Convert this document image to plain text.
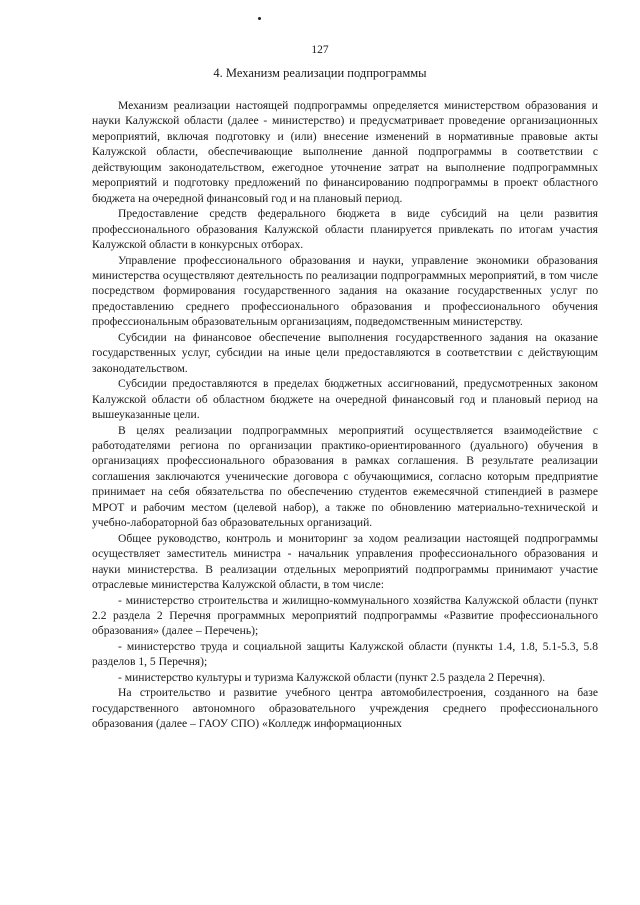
127
4. Механизм реализации подпрограммы

Механизм реализации настоящей подпрограммы определяется министерством образования и науки Калужской области (далее - министерство) и предусматривает проведение организационных мероприятий, включая подготовку и (или) внесение изменений в нормативные правовые акты Калужской области, обеспечивающие выполнение данной подпрограммы в соответствии с действующим законодательством, ежегодное уточнение затрат на выполнение подпрограммных мероприятий и подготовку предложений по финансированию подпрограммы в проект областного бюджета на очередной финансовый год и на плановый период.

Предоставление средств федерального бюджета в виде субсидий на цели развития профессионального образования Калужской области планируется привлекать по итогам участия Калужской области в конкурсных отборах.

Управление профессионального образования и науки, управление экономики образования министерства осуществляют деятельность по реализации подпрограммных мероприятий, в том числе посредством формирования государственного задания на оказание государственных услуг по предоставлению среднего профессионального образования и профессионального обучения профессиональным образовательным организациям, подведомственным министерству.

Субсидии на финансовое обеспечение выполнения государственного задания на оказание государственных услуг, субсидии на иные цели предоставляются в соответствии с действующим законодательством.

Субсидии предоставляются в пределах бюджетных ассигнований, предусмотренных законом Калужской области об областном бюджете на очередной финансовый год и плановый период на вышеуказанные цели.

В целях реализации подпрограммных мероприятий осуществляется взаимодействие с работодателями региона по организации практико-ориентированного (дуального) обучения в организациях профессионального образования в рамках соглашения. В результате реализации соглашения заключаются ученические договора с обучающимися, согласно которым предприятие принимает на себя обязательства по обеспечению студентов ежемесячной стипендией в размере МРОТ и рабочим местом (целевой набор), а также по обновлению материально-технической и учебно-лабораторной баз образовательных организаций.

Общее руководство, контроль и мониторинг за ходом реализации настоящей подпрограммы осуществляет заместитель министра - начальник управления профессионального образования и науки министерства. В реализации отдельных мероприятий подпрограммы принимают участие отраслевые министерства Калужской области, в том числе:

- министерство строительства и жилищно-коммунального хозяйства Калужской области (пункт 2.2 раздела 2 Перечня программных мероприятий подпрограммы «Развитие профессионального образования» (далее – Перечень);

- министерство труда и социальной защиты Калужской области (пункты 1.4, 1.8, 5.1-5.3, 5.8 разделов 1, 5 Перечня);

- министерство культуры и туризма Калужской области (пункт 2.5 раздела 2 Перечня).

На строительство и развитие учебного центра автомобилестроения, созданного на базе государственного автономного образовательного учреждения среднего профессионального образования (далее – ГАОУ СПО) «Колледж информационных
